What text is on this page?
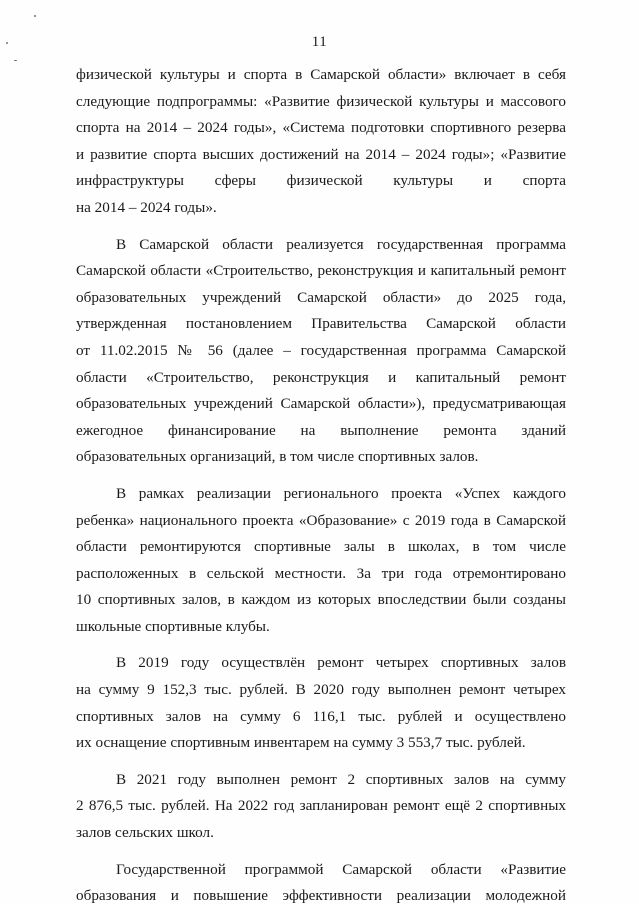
11
физической культуры и спорта в Самарской области» включает в себя
следующие подпрограммы: «Развитие физической культуры и массового
спорта на 2014 – 2024 годы», «Система подготовки спортивного резерва
и развитие спорта высших достижений на 2014 – 2024 годы»; «Развитие
инфраструктуры сферы физической культуры и спорта
на 2014 – 2024 годы».
В Самарской области реализуется государственная программа
Самарской области «Строительство, реконструкция и капитальный ремонт
образовательных учреждений Самарской области» до 2025 года,
утвержденная постановлением Правительства Самарской области
от 11.02.2015 № 56 (далее – государственная программа Самарской
области «Строительство, реконструкция и капитальный ремонт
образовательных учреждений Самарской области»), предусматривающая
ежегодное финансирование на выполнение ремонта зданий
образовательных организаций, в том числе спортивных залов.
В рамках реализации регионального проекта «Успех каждого
ребенка» национального проекта «Образование» с 2019 года в Самарской
области ремонтируются спортивные залы в школах, в том числе
расположенных в сельской местности. За три года отремонтировано
10 спортивных залов, в каждом из которых впоследствии были созданы
школьные спортивные клубы.
В 2019 году осуществлён ремонт четырех спортивных залов
на сумму 9 152,3 тыс. рублей. В 2020 году выполнен ремонт четырех
спортивных залов на сумму 6 116,1 тыс. рублей и осуществлено
их оснащение спортивным инвентарем на сумму 3 553,7 тыс. рублей.
В 2021 году выполнен ремонт 2 спортивных залов на сумму
2 876,5 тыс. рублей. На 2022 год запланирован ремонт ещё 2 спортивных
залов сельских школ.
Государственной программой Самарской области «Развитие
образования и повышение эффективности реализации молодежной
